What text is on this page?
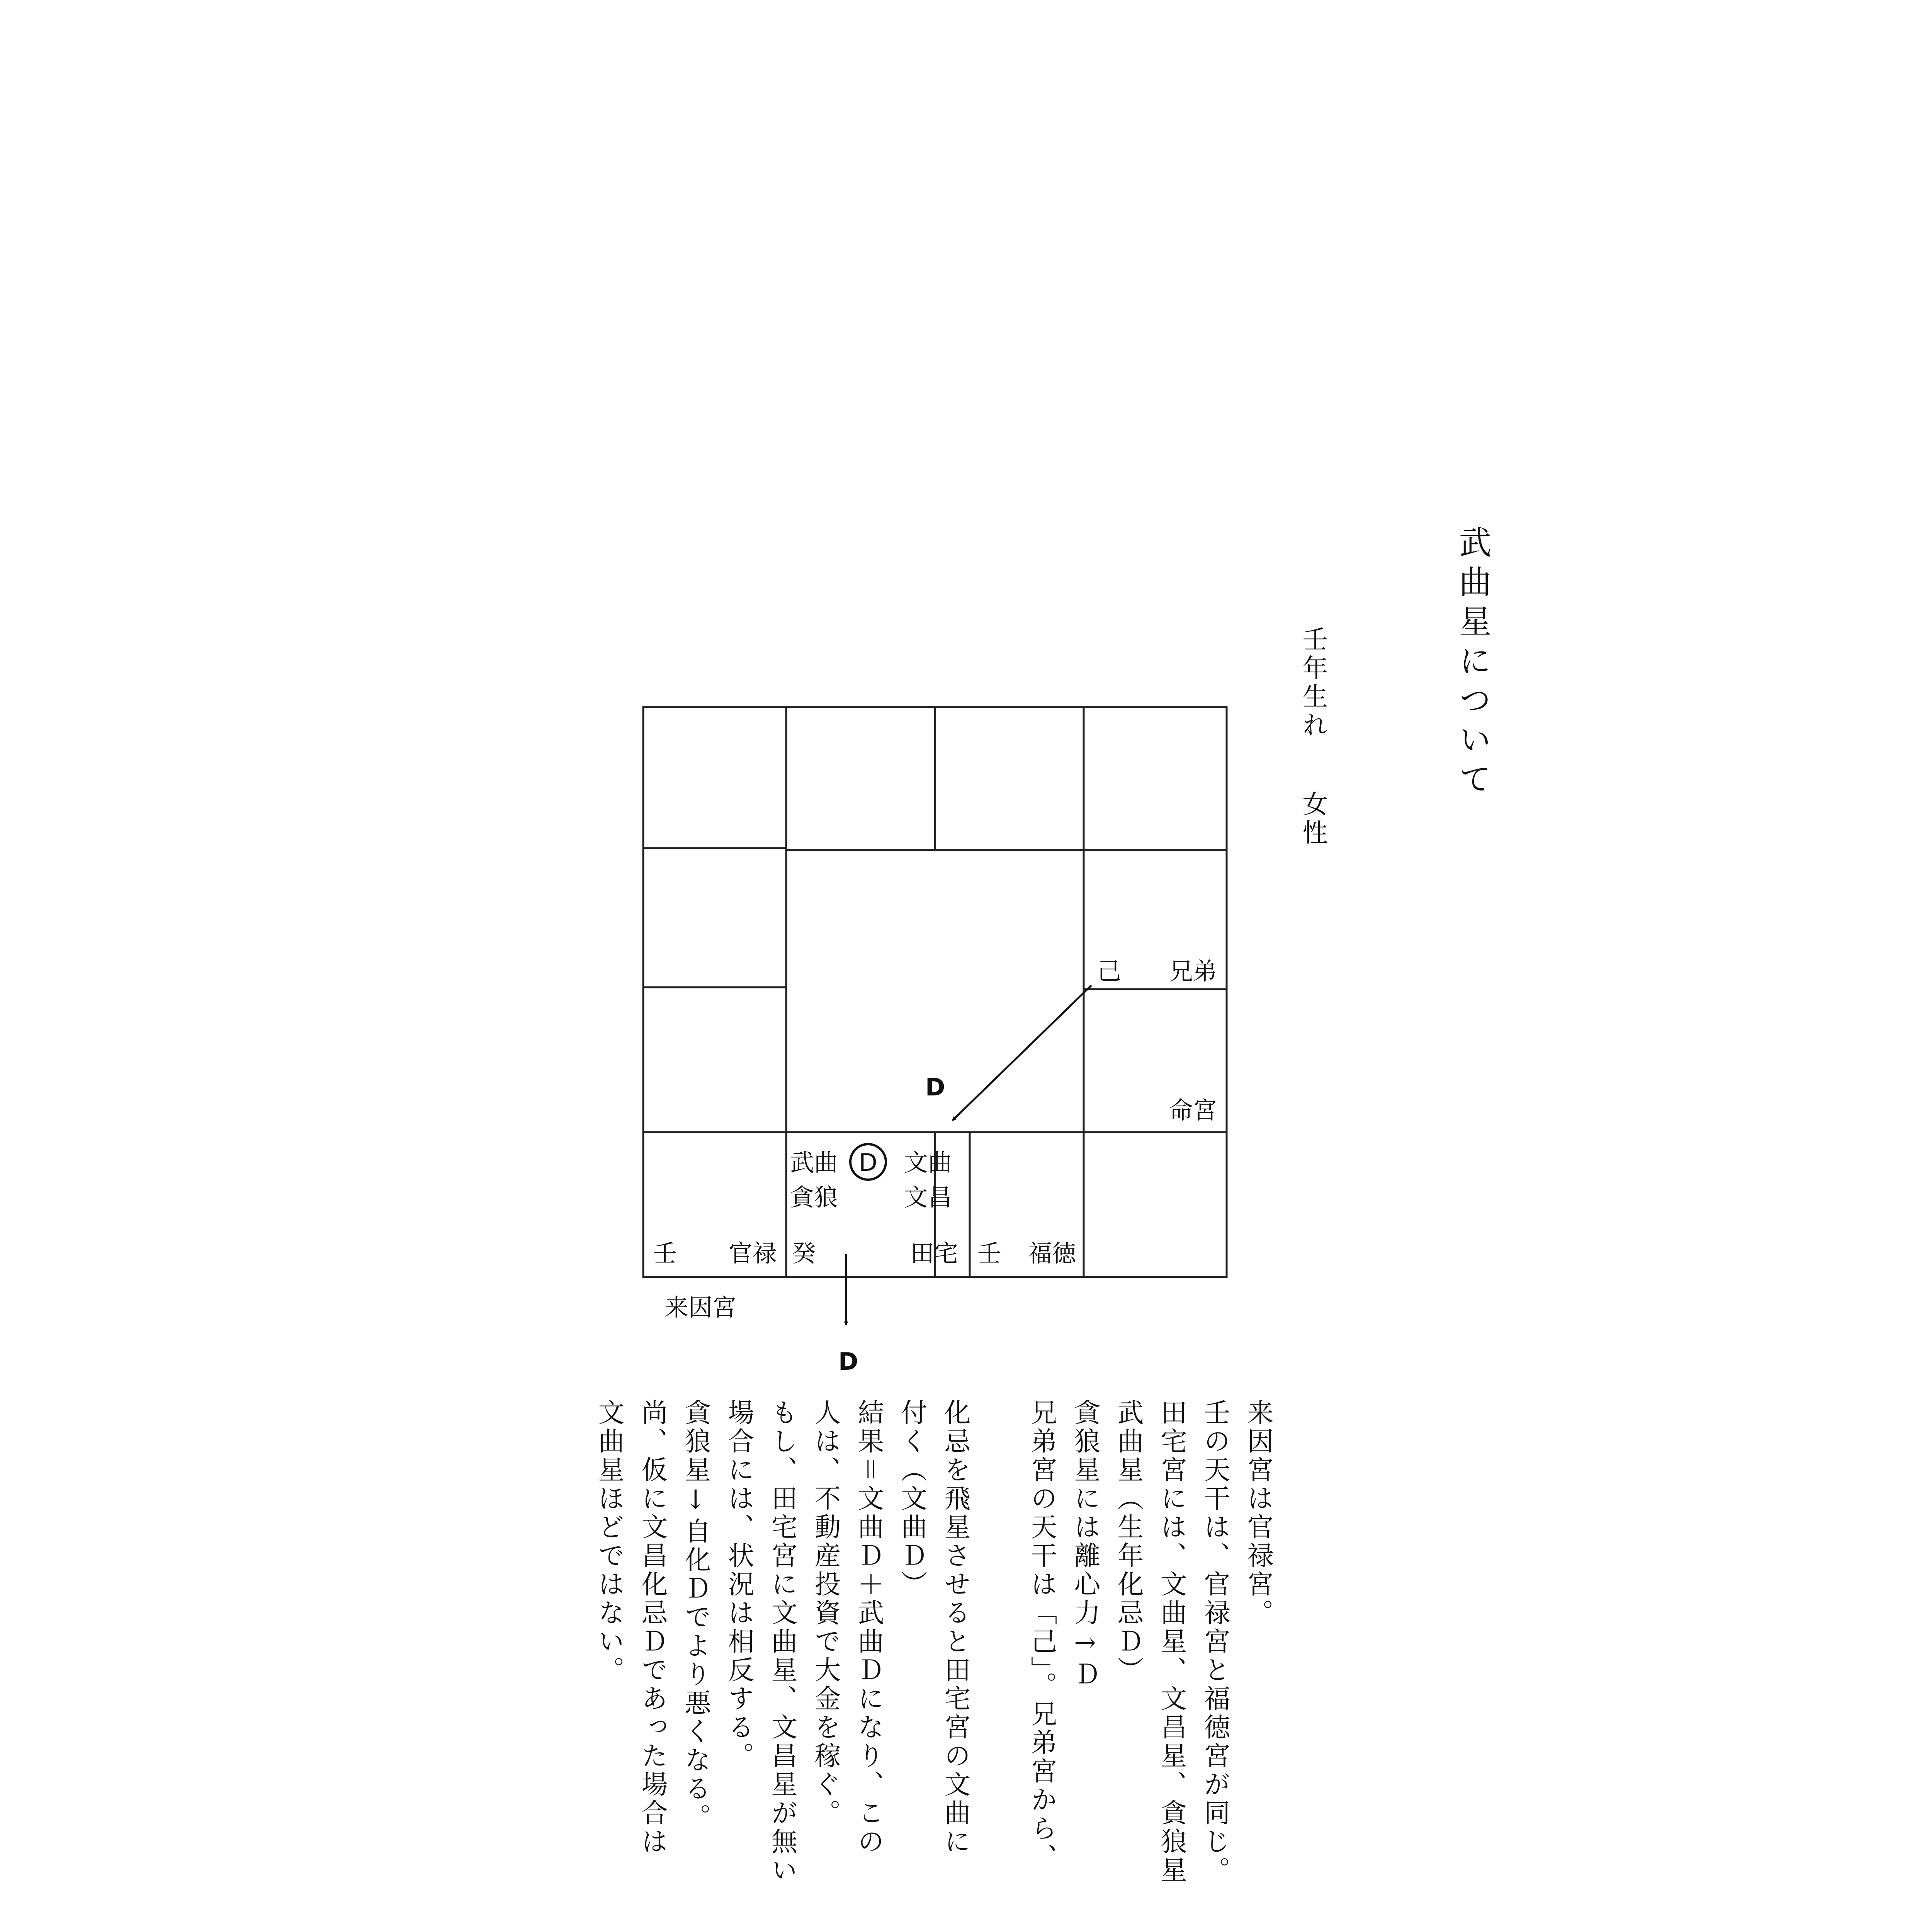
武曲星について
壬年生れ女性
己 兄弟
命宮
壬 官禄 癸	田宅
武曲	文曲
貪狼	文昌
壬 福徳
D
D
D
来因宮

来因宮は官禄宮。

壬の天干は、官禄宮と福徳宮が同じ。

田宅宮には、文曲星、文昌星、貪狼星

武曲星（生年化忌Ｄ）

貪狼星には離心力→Ｄ

兄弟宮の天干は「己」。兄弟宮から、

化忌を飛星させると田宅宮の文曲に

付く（文曲Ｄ）

結果＝文曲Ｄ＋武曲Ｄになり、この

人は、不動産投資で大金を稼ぐ。

もし、田宅宮に文曲星、文昌星が無い

場合には、状況は相反する。

貪狼星↓自化Ｄでより悪くなる。

尚、仮に文昌化忌Ｄであった場合は

文曲星ほどではない。
